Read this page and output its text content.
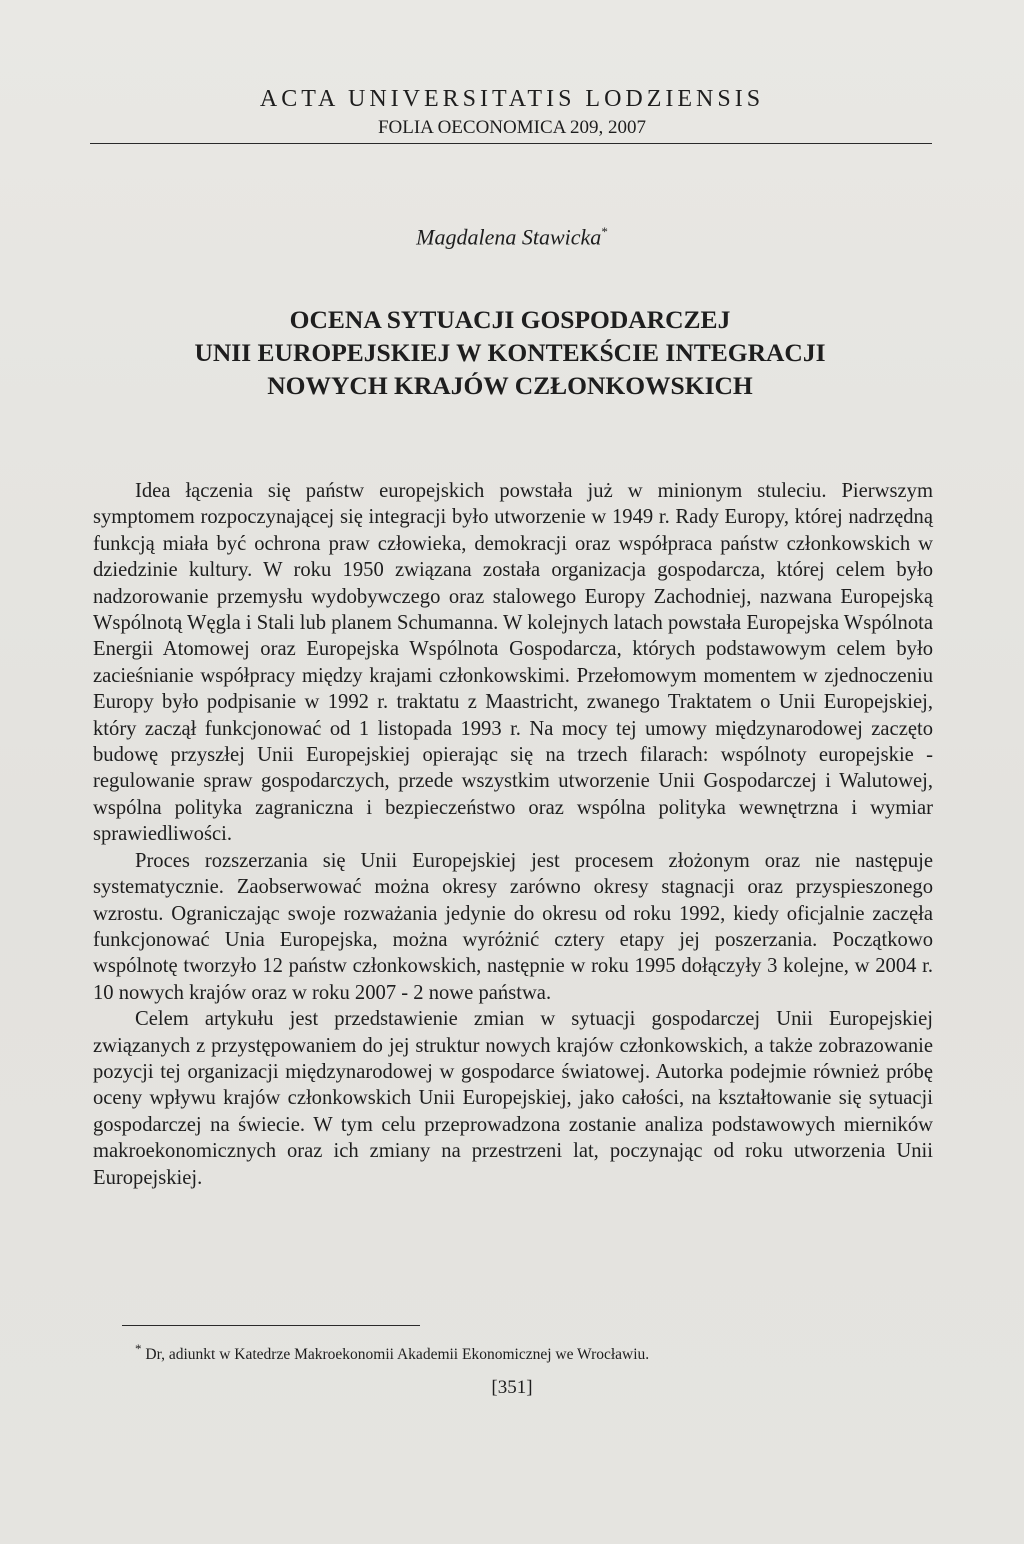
ACTA UNIVERSITATIS LODZIENSIS
FOLIA OECONOMICA 209, 2007
Magdalena Stawicka*
OCENA SYTUACJI GOSPODARCZEJ
UNII EUROPEJSKIEJ W KONTEKŚCIE INTEGRACJI
NOWYCH KRAJÓW CZŁONKOWSKICH

Idea łączenia się państw europejskich powstała już w minionym stuleciu. Pierwszym symptomem rozpoczynającej się integracji było utworzenie w 1949 r. Rady Europy, której nadrzędną funkcją miała być ochrona praw człowieka, demokracji oraz współpraca państw członkowskich w dziedzinie kultury. W roku 1950 związana została organizacja gospodarcza, której celem było nadzorowanie przemysłu wydobywczego oraz stalowego Europy Zachodniej, nazwana Europejską Wspólnotą Węgla i Stali lub planem Schumanna. W kolejnych latach powstała Europejska Wspólnota Energii Atomowej oraz Europejska Wspólnota Gospodarcza, których podstawowym celem było zacieśnianie współpracy między krajami członkowskimi. Przełomowym momentem w zjednoczeniu Europy było podpisanie w 1992 r. traktatu z Maastricht, zwanego Traktatem o Unii Europejskiej, który zaczął funkcjonować od 1 listopada 1993 r. Na mocy tej umowy międzynarodowej zaczęto budowę przyszłej Unii Europejskiej opierając się na trzech filarach: wspólnoty europejskie - regulowanie spraw gospodarczych, przede wszystkim utworzenie Unii Gospodarczej i Walutowej, wspólna polityka zagraniczna i bezpieczeństwo oraz wspólna polityka wewnętrzna i wymiar sprawiedliwości.

Proces rozszerzania się Unii Europejskiej jest procesem złożonym oraz nie następuje systematycznie. Zaobserwować można okresy zarówno okresy stagnacji oraz przyspieszonego wzrostu. Ograniczając swoje rozważania jedynie do okresu od roku 1992, kiedy oficjalnie zaczęła funkcjonować Unia Europejska, można wyróżnić cztery etapy jej poszerzania. Początkowo wspólnotę tworzyło 12 państw członkowskich, następnie w roku 1995 dołączyły 3 kolejne, w 2004 r. 10 nowych krajów oraz w roku 2007 - 2 nowe państwa.

Celem artykułu jest przedstawienie zmian w sytuacji gospodarczej Unii Europejskiej związanych z przystępowaniem do jej struktur nowych krajów członkowskich, a także zobrazowanie pozycji tej organizacji międzynarodowej w gospodarce światowej. Autorka podejmie również próbę oceny wpływu krajów członkowskich Unii Europejskiej, jako całości, na kształtowanie się sytuacji gospodarczej na świecie. W tym celu przeprowadzona zostanie analiza podstawowych mierników makroekonomicznych oraz ich zmiany na przestrzeni lat, poczynając od roku utworzenia Unii Europejskiej.

* Dr, adiunkt w Katedrze Makroekonomii Akademii Ekonomicznej we Wrocławiu.
[351]
